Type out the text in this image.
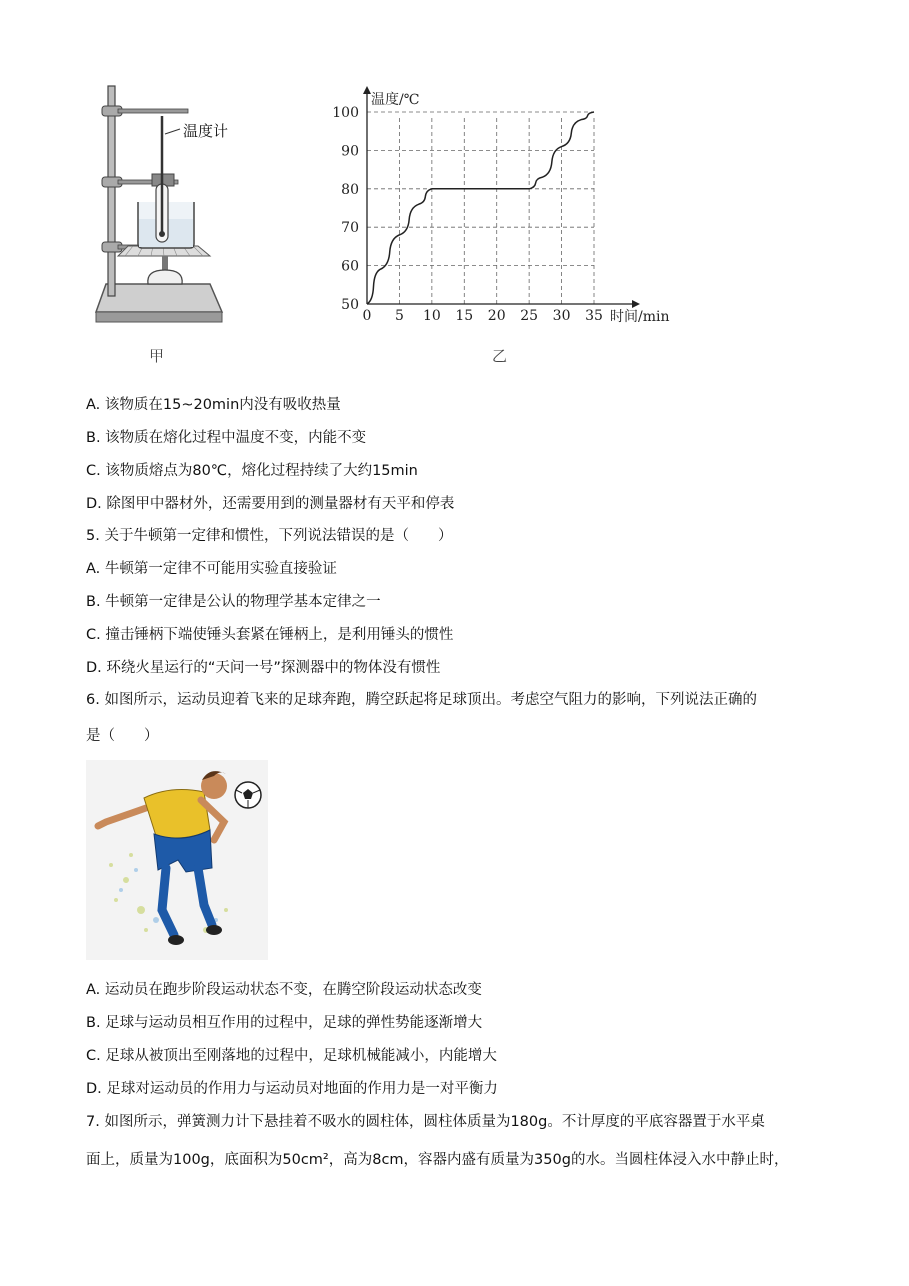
温度计
甲
0 5 10 15 20 25 30 35
50
60
70
80
90
100
时间/min
温度/℃
乙
A. 该物质在15~20min内没有吸收热量
B. 该物质在熔化过程中温度不变，内能不变
C. 该物质熔点为80℃，熔化过程持续了大约15min
D. 除图甲中器材外，还需要用到的测量器材有天平和停表
5. 关于牛顿第一定律和惯性，下列说法错误的是（　　）
A. 牛顿第一定律不可能用实验直接验证
B. 牛顿第一定律是公认的物理学基本定律之一
C. 撞击锤柄下端使锤头套紧在锤柄上，是利用锤头的惯性
D. 环绕火星运行的“天问一号”探测器中的物体没有惯性
6. 如图所示，运动员迎着飞来的足球奔跑，腾空跃起将足球顶出。考虑空气阻力的影响，下列说法正确的
是（　　）
A. 运动员在跑步阶段运动状态不变，在腾空阶段运动状态改变
B. 足球与运动员相互作用的过程中，足球的弹性势能逐渐增大
C. 足球从被顶出至刚落地的过程中，足球机械能减小，内能增大
D. 足球对运动员的作用力与运动员对地面的作用力是一对平衡力
7. 如图所示，弹簧测力计下悬挂着不吸水的圆柱体，圆柱体质量为180g。不计厚度的平底容器置于水平桌
面上，质量为100g，底面积为50cm²，高为8cm，容器内盛有质量为350g的水。当圆柱体浸入水中静止时，
